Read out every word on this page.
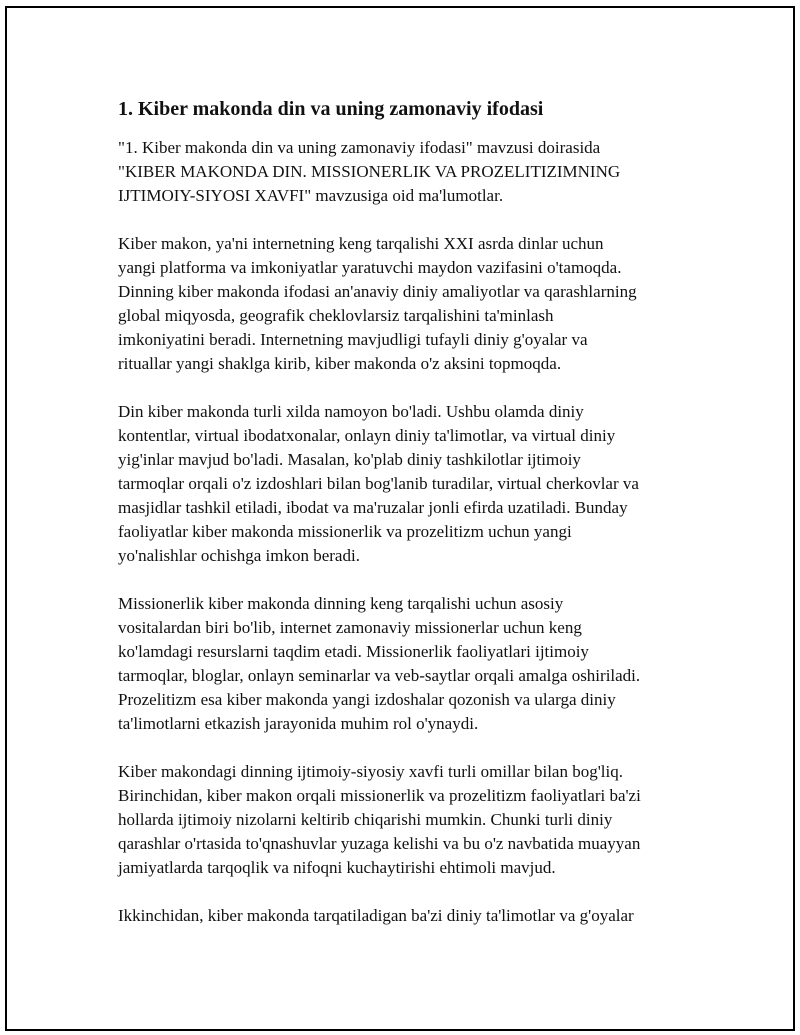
1. Kiber makonda din va uning zamonaviy ifodasi
"1. Kiber makonda din va uning zamonaviy ifodasi" mavzusi doirasida
"KIBER MAKONDA DIN. MISSIONERLIK VA PROZELITIZIMNING
IJTIMOIY-SIYOSI XAVFI" mavzusiga oid ma'lumotlar.
Kiber makon, ya'ni internetning keng tarqalishi XXI asrda dinlar uchun
yangi platforma va imkoniyatlar yaratuvchi maydon vazifasini o'tamoqda.
Dinning kiber makonda ifodasi an'anaviy diniy amaliyotlar va qarashlarning
global miqyosda, geografik cheklovlarsiz tarqalishini ta'minlash
imkoniyatini beradi. Internetning mavjudligi tufayli diniy g'oyalar va
rituallar yangi shaklga kirib, kiber makonda o'z aksini topmoqda.
Din kiber makonda turli xilda namoyon bo'ladi. Ushbu olamda diniy
kontentlar, virtual ibodatxonalar, onlayn diniy ta'limotlar, va virtual diniy
yig'inlar mavjud bo'ladi. Masalan, ko'plab diniy tashkilotlar ijtimoiy
tarmoqlar orqali o'z izdoshlari bilan bog'lanib turadilar, virtual cherkovlar va
masjidlar tashkil etiladi, ibodat va ma'ruzalar jonli efirda uzatiladi. Bunday
faoliyatlar kiber makonda missionerlik va prozelitizm uchun yangi
yo'nalishlar ochishga imkon beradi.
Missionerlik kiber makonda dinning keng tarqalishi uchun asosiy
vositalardan biri bo'lib, internet zamonaviy missionerlar uchun keng
ko'lamdagi resurslarni taqdim etadi. Missionerlik faoliyatlari ijtimoiy
tarmoqlar, bloglar, onlayn seminarlar va veb-saytlar orqali amalga oshiriladi.
Prozelitizm esa kiber makonda yangi izdoshalar qozonish va ularga diniy
ta'limotlarni etkazish jarayonida muhim rol o'ynaydi.
Kiber makondagi dinning ijtimoiy-siyosiy xavfi turli omillar bilan bog'liq.
Birinchidan, kiber makon orqali missionerlik va prozelitizm faoliyatlari ba'zi
hollarda ijtimoiy nizolarni keltirib chiqarishi mumkin. Chunki turli diniy
qarashlar o'rtasida to'qnashuvlar yuzaga kelishi va bu o'z navbatida muayyan
jamiyatlarda tarqoqlik va nifoqni kuchaytirishi ehtimoli mavjud.
Ikkinchidan, kiber makonda tarqatiladigan ba'zi diniy ta'limotlar va g'oyalar
